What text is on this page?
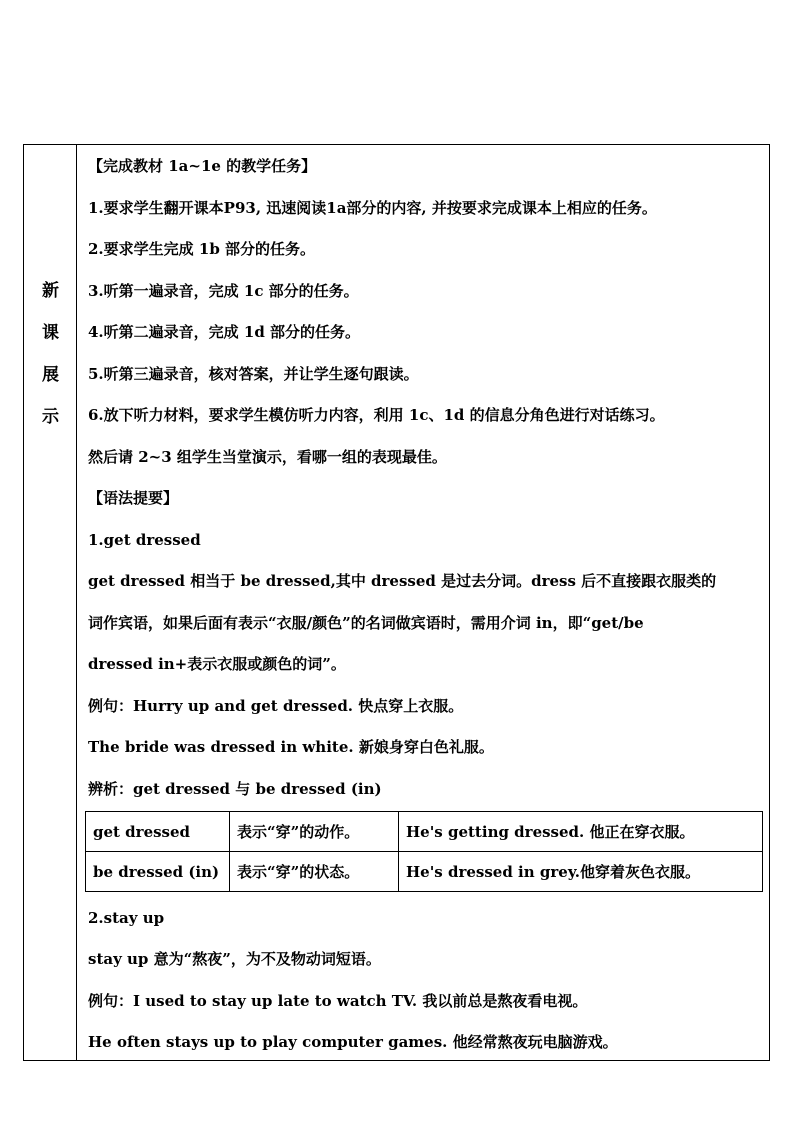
新
课
展
示
【完成教材 1a~1e 的教学任务】
1.要求学生翻开课本P93, 迅速阅读1a部分的内容, 并按要求完成课本上相应的任务。
2.要求学生完成 1b 部分的任务。
3.听第一遍录音，完成 1c 部分的任务。
4.听第二遍录音，完成 1d 部分的任务。
5.听第三遍录音，核对答案，并让学生逐句跟读。
6.放下听力材料，要求学生模仿听力内容，利用 1c、1d 的信息分角色进行对话练习。
然后请 2~3 组学生当堂演示，看哪一组的表现最佳。
【语法提要】
1.get dressed
get dressed 相当于 be dressed,其中 dressed 是过去分词。dress 后不直接跟衣服类的
词作宾语，如果后面有表示“衣服/颜色”的名词做宾语时，需用介词 in，即“get/be
dressed in+表示衣服或颜色的词”。
例句：Hurry up and get dressed. 快点穿上衣服。
The bride was dressed in white. 新娘身穿白色礼服。
辨析：get dressed 与 be dressed (in)
get dressed	表示“穿”的动作。	He's getting dressed. 他正在穿衣服。
be dressed (in)	表示“穿”的状态。	He's dressed in grey.他穿着灰色衣服。
2.stay up
stay up 意为“熬夜”，为不及物动词短语。
例句：I used to stay up late to watch TV. 我以前总是熬夜看电视。
He often stays up to play computer games. 他经常熬夜玩电脑游戏。
